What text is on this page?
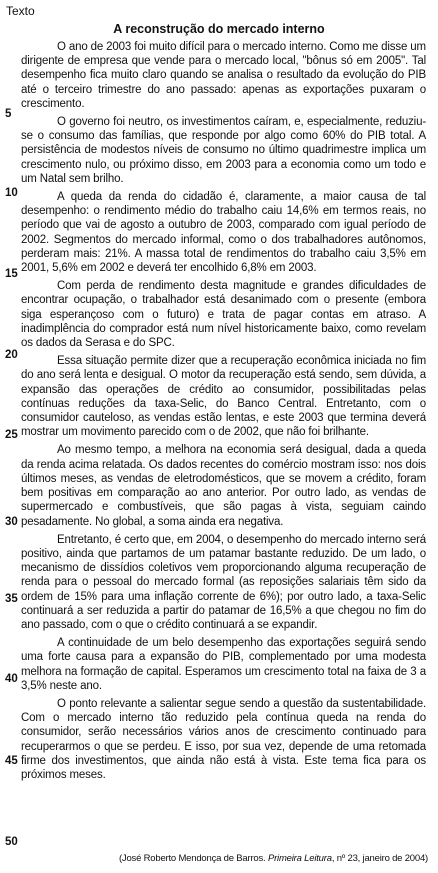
Texto
A reconstrução do mercado interno

O ano de 2003 foi muito difícil para o mercado interno. Como me disse um dirigente de empresa que vende para o mercado local, "bônus só em 2005". Tal desempenho fica muito claro quando se analisa o resultado da evolução do PIB até o terceiro trimestre do ano passado: apenas as exportações puxaram o crescimento.

O governo foi neutro, os investimentos caíram, e, especialmente, reduziu-se o consumo das famílias, que responde por algo como 60% do PIB total. A persistência de modestos níveis de consumo no último quadrimestre implica um crescimento nulo, ou próximo disso, em 2003 para a economia como um todo e um Natal sem brilho.

A queda da renda do cidadão é, claramente, a maior causa de tal desempenho: o rendimento médio do trabalho caiu 14,6% em termos reais, no período que vai de agosto a outubro de 2003, comparado com igual período de 2002. Segmentos do mercado informal, como o dos trabalhadores autônomos, perderam mais: 21%. A massa total de rendimentos do trabalho caiu 3,5% em 2001, 5,6% em 2002 e deverá ter encolhido 6,8% em 2003.

Com perda de rendimento desta magnitude e grandes dificuldades de encontrar ocupação, o trabalhador está desanimado com o presente (embora siga esperançoso com o futuro) e trata de pagar contas em atraso. A inadimplência do comprador está num nível historicamente baixo, como revelam os dados da Serasa e do SPC.

Essa situação permite dizer que a recuperação econômica iniciada no fim do ano será lenta e desigual. O motor da recuperação está sendo, sem dúvida, a expansão das operações de crédito ao consumidor, possibilitadas pelas contínuas reduções da taxa-Selic, do Banco Central. Entretanto, com o consumidor cauteloso, as vendas estão lentas, e este 2003 que termina deverá mostrar um movimento parecido com o de 2002, que não foi brilhante.

Ao mesmo tempo, a melhora na economia será desigual, dada a queda da renda acima relatada. Os dados recentes do comércio mostram isso: nos dois últimos meses, as vendas de eletrodomésticos, que se movem a crédito, foram bem positivas em comparação ao ano anterior. Por outro lado, as vendas de supermercado e combustíveis, que são pagas à vista, seguiam caindo pesadamente. No global, a soma ainda era negativa.

Entretanto, é certo que, em 2004, o desempenho do mercado interno será positivo, ainda que partamos de um patamar bastante reduzido. De um lado, o mecanismo de dissídios coletivos vem proporcionando alguma recuperação de renda para o pessoal do mercado formal (as reposições salariais têm sido da ordem de 15% para uma inflação corrente de 6%); por outro lado, a taxa-Selic continuará a ser reduzida a partir do patamar de 16,5% a que chegou no fim do ano passado, com o que o crédito continuará a se expandir.

A continuidade de um belo desempenho das exportações seguirá sendo uma forte causa para a expansão do PIB, complementado por uma modesta melhora na formação de capital. Esperamos um crescimento total na faixa de 3 a 3,5% neste ano.

O ponto relevante a salientar segue sendo a questão da sustentabilidade. Com o mercado interno tão reduzido pela contínua queda na renda do consumidor, serão necessários vários anos de crescimento continuado para recuperarmos o que se perdeu. E isso, por sua vez, depende de uma retomada firme dos investimentos, que ainda não está à vista. Este tema fica para os próximos meses.

5
10
15
20
25
30
35
40
45
50
(José Roberto Mendonça de Barros. Primeira Leitura, nº 23, janeiro de 2004)
